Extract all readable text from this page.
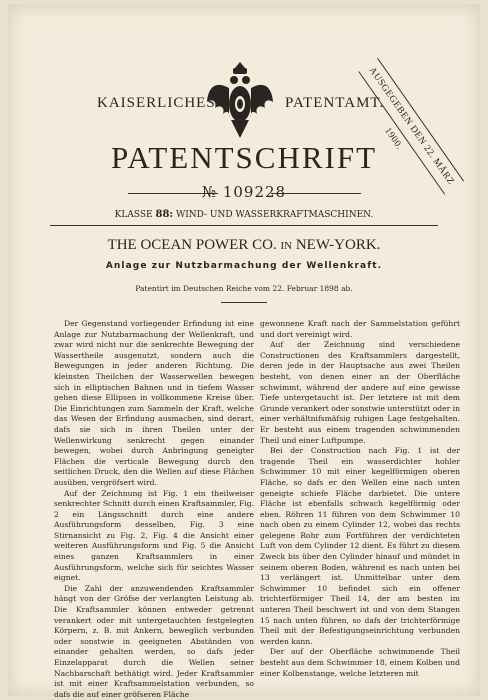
KAISERLICHES	PATENTAMT.
AUSGEGEBEN DEN 22. MÄRZ 1900.
PATENTSCHRIFT
№ 109228
KLASSE 88: WIND- UND WASSERKRAFTMASCHINEN.
THE OCEAN POWER CO. IN NEW-YORK.
Anlage zur Nutzbarmachung der Wellenkraft.
Patentirt im Deutschen Reiche vom 22. Februar 1898 ab.

Der Gegenstand vorliegender Erfindung ist eine Anlage zur Nutzbarmachung der Wellenkraft, und zwar wird nicht nur die senkrechte Bewegung der Wassertheile ausgenutzt, sondern auch die Bewegungen in jeder anderen Richtung. Die kleinsten Theilchen der Wasserwellen bewegen sich in elliptischen Bahnen und in tiefem Wasser gehen diese Ellipsen in vollkommene Kreise über. Die Einrichtungen zum Sammeln der Kraft, welche das Wesen der Erfindung ausmachen, sind derart, dafs sie sich in ihren Theilen unter der Wellenwirkung senkrecht gegen einander bewegen, wobei durch Anbringung geneigter Flächen die verticale Bewegung durch den seitlichen Druck, den die Wellen auf diese Flächen ausüben, vergröfsert wird.

Auf der Zeichnung ist Fig. 1 ein theilweiser senkrechter Schnitt durch einen Kraftsammler, Fig. 2 ein Längsschnitt durch eine andere Ausführungsform desselben, Fig. 3 eine Stirnansicht zu Fig. 2, Fig. 4 die Ansicht einer weiteren Ausführungsform und Fig. 5 die Ansicht eines ganzen Kraftsammlers in einer Ausführungsform, welche sich für seichtes Wasser eignet.

Die Zahl der anzuwendenden Kraftsammler hängt von der Gröfse der verlangten Leistung ab. Die Kraftsammler können entweder getrennt verankert oder mit untergetauchten festgelegten Körpern, z. B. mit Ankern, beweglich verbunden oder sonstwie in geeigneten Abständen von einander gehalten werden, so dafs jeder Einzelapparat durch die Wellen seiner Nachbarschaft bethätigt wird. Jeder Kraftsammler ist mit einer Kraftsammelstation verbunden, so dafs die auf einer gröfseren Fläche

gewonnene Kraft nach der Sammelstation geführt und dort vereinigt wird.

Auf der Zeichnung sind verschiedene Constructionen des Kraftsammlers dargestellt, deren jede in der Hauptsache aus zwei Theilen besteht, von denen einer an der Oberfläche schwimmt, während der andere auf eine gewisse Tiefe untergetaucht ist. Der letztere ist mit dem Grunde verankert oder sonstwie unterstützt oder in einer verhältnifsmäfsig ruhigen Lage festgehalten. Er besteht aus einem tragenden schwimmenden Theil und einer Luftpumpe.

Bei der Construction nach Fig. 1 ist der tragende Theil ein wasserdichter hohler Schwimmer 10 mit einer kegelförmigen oberen Fläche, so dafs er den Wellen eine nach unten geneigte schiefe Fläche darbietet. Die untere Fläche ist ebenfalls schwach kegelförmig oder eben. Röhren 11 führen von dem Schwimmer 10 nach oben zu einem Cylinder 12, wobei das rechts gelegene Rohr zum Fortführen der verdichteten Luft von dem Cylinder 12 dient. Es führt zu diesem Zweck bis über den Cylinder hinauf und mündet in seinem oberen Boden, während es nach unten bei 13 verlängert ist. Unmittelbar unter dem Schwimmer 10 befindet sich ein offener trichterförmiger Theil 14, der am besten im unteren Theil beschwert ist und von dem Stangen 15 nach unten führen, so dafs der trichterförmige Theil mit der Befestigungseinrichtung verbunden werden kann.

Der auf der Oberfläche schwimmende Theil besteht aus dem Schwimmer 18, einem Kolben und einer Kolbenstange, welche letzteren mit
